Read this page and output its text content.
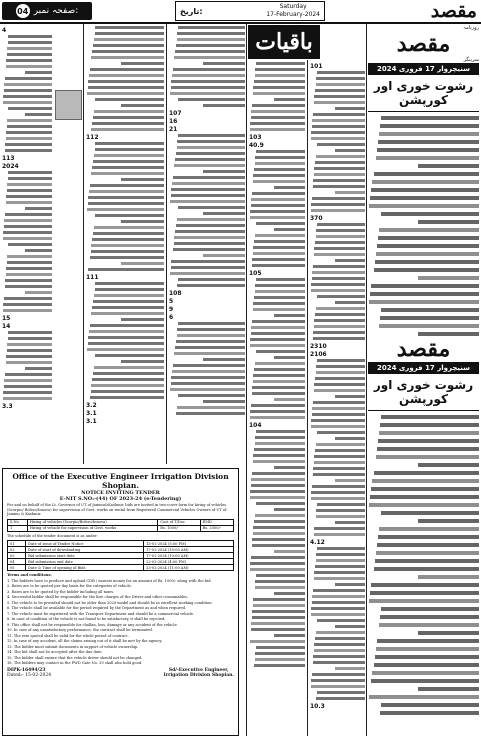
04 صفحہ نمبر:	تاریخ:	Saturday
17-February-2024	مقصد
4
113
2024
15
14
3.3
112
111
3.2
3.1
3.1
107
16
21
108
5
9
6
باقیات
103
40.9
105
104
101
370
2310
2106
4.12
10.3
روزنامہ
مقصد
سرینگر
سنیچروار 17 فروری 2024
رشوت خوری اور کورپشن
مقصد
سنیچروار 17 فروری 2024
رشوت خوری اور کورپشن
Office of the Executive Engineer Irrigation Division Shopian.
NOTICE INVITING TENDER
E-NIT S.NO:-(44) OF 2023-24 (e-Tendering)
For and on behalf of the Lt. Governor of UT of Jammu&Kashmir, bids are invited in two-cover form for hiring of vehicles (Scorpio/ Bolero/Innova) for supervision of Govt. works on rental from Registered Commercial Vehicles Owners of UT of Jammu & Kashmir.
S.No	Hiring of vehicles (Scorpio/Bolero/Innova)	Cost of T/Doc	EMD
1	Hiring of vehicle for supervision of Govt. works	Rs. 1000/-	Rs. 2500/-
The schedule of the tender document is as under:
01	Date of issue of Tender Notice	15-02-2024 (5:00 PM)
02	Date of start of downloading	17-02-2024 (10:00 AM)
03	Bid submission start date	17-02-2024 (10:00 AM)
04	Bid submission end date	22-02-2024 (4:00 PM)
05	Date & Time of opening of Bids	23-02-2024 (11:00 AM)
Terms and conditions:
1. The bidders have to produce and upload CDR / earnest money for an amount of Rs. 1000/- along with the bid.
2. Rates are to be quoted per day basis for the categories of vehicle.
3. Rates are to be quoted by the bidder including all taxes.
4. Successful bidder shall be responsible for the hire charges of the Driver and other consumables.
5. The vehicle to be provided should not be older than 2020 model and should be in excellent working condition.
6. The vehicle shall be available for the period required by the Department as and when required.
7. The vehicle must be registered with the Transport Department and should be a commercial vehicle.
8. In case of condition of the vehicle is not found to be satisfactory, it shall be rejected.
9. This office shall not be responsible for challan, loss, damage or any accident of the vehicle.
10. In case of any unsatisfactory performance, the contract shall be terminated.
11. The rate quoted shall be valid for the whole period of contract.
12. In case of any accident, all the claims arising out of it shall be met by the agency.
13. The bidder must submit documents in support of vehicle ownership.
14. The bid shall not be accepted after the due date.
15. The bidder shall ensure that the vehicle driver should not be changed.
16. The bidders may contact in the PWD Gate No. 29 shall also hold good.
DIPK-16494/23
Dated:- 15-02-2024
Sd/-Executive Engineer,
Irrigation Division Shopian.
